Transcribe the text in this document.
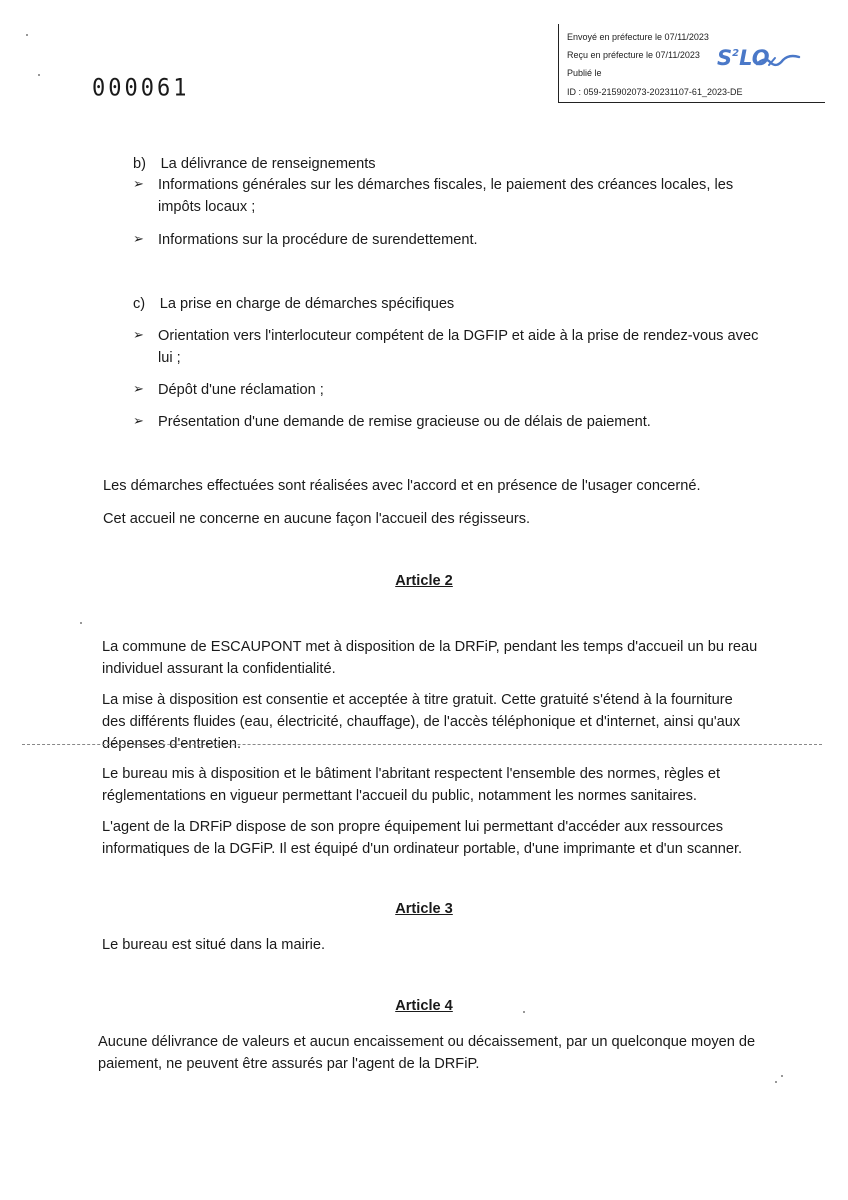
Envoyé en préfecture le 07/11/2023
Reçu en préfecture le 07/11/2023
Publié le
ID : 059-215902073-20231107-61_2023-DE
$S^2LO$
000061
b) La délivrance de renseignements
➢ Informations générales sur les démarches fiscales, le paiement des créances locales, les
impôts locaux ;
➢ Informations sur la procédure de surendettement.
c) La prise en charge de démarches spécifiques
➢ Orientation vers l'interlocuteur compétent de la DGFIP et aide à la prise de rendez-vous avec
lui ;
➢ Dépôt d'une réclamation ;
➢ Présentation d'une demande de remise gracieuse ou de délais de paiement.
Les démarches effectuées sont réalisées avec l'accord et en présence de l'usager concerné.
Cet accueil ne concerne en aucune façon l'accueil des régisseurs.
Article 2
La commune de ESCAUPONT met à disposition de la DRFiP, pendant les temps d'accueil un bu reau
individuel assurant la confidentialité.
La mise à disposition est consentie et acceptée à titre gratuit. Cette gratuité s'étend à la fourniture
des différents fluides (eau, électricité, chauffage), de l'accès téléphonique et d'internet, ainsi qu'aux
dépenses d'entretien.
Le bureau mis à disposition et le bâtiment l'abritant respectent l'ensemble des normes, règles et
réglementations en vigueur permettant l'accueil du public, notamment les normes sanitaires.
L'agent de la DRFiP dispose de son propre équipement lui permettant d'accéder aux ressources
informatiques de la DGFiP. Il est équipé d'un ordinateur portable, d'une imprimante et d'un scanner.
Article 3
Le bureau est situé dans la mairie.
Article 4
Aucune délivrance de valeurs et aucun encaissement ou décaissement, par un quelconque moyen de
paiement, ne peuvent être assurés par l'agent de la DRFiP.
